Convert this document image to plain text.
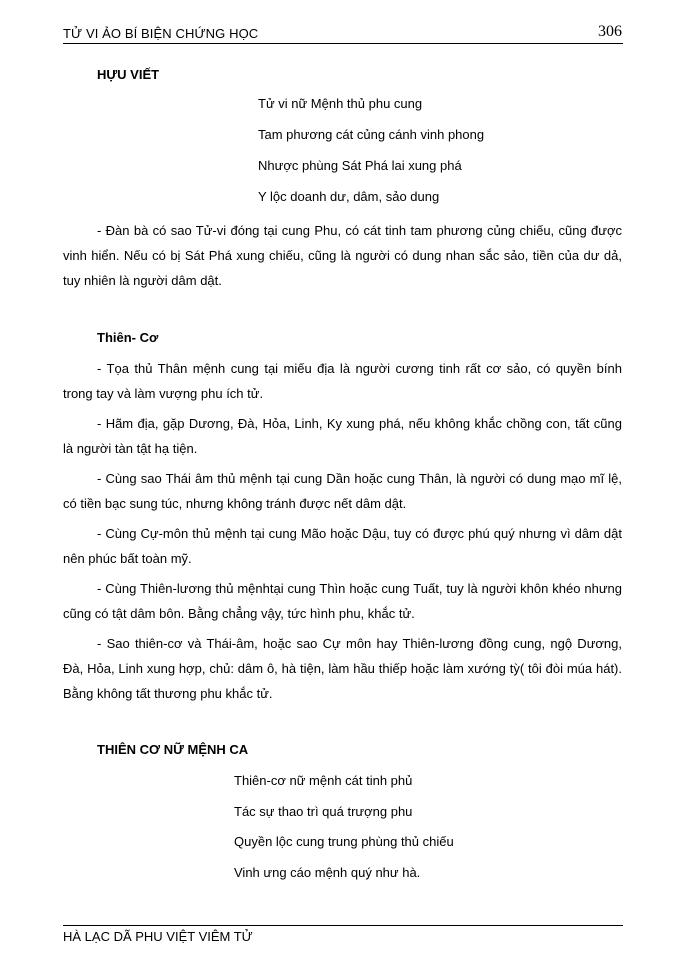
TỬ VI ẢO BÍ BIỆN CHỨNG HỌC	306
HỰU VIẾT
Tử vi nữ Mệnh thủ phu cung
Tam phương cát củng cánh vinh phong
Nhược phùng Sát Phá lai xung phá
Y lộc doanh dư, dâm, sảo dung
- Đàn bà có sao Tử-vi đóng tại cung Phu, có cát tinh tam phương củng chiếu, cũng được vinh hiển. Nếu có bị Sát Phá xung chiếu, cũng là người có dung nhan sắc sảo, tiền của dư dả, tuy nhiên là người dâm dật.
Thiên- Cơ
- Tọa thủ Thân mệnh cung tại miếu địa là người cương tinh rất cơ sảo, có quyền bính trong tay và làm vượng phu ích tử.
- Hãm địa, gặp Dương, Đà, Hỏa, Linh, Ky xung phá, nếu không khắc chồng con, tất cũng là người tàn tật hạ tiện.
- Cùng sao Thái âm thủ mệnh tại cung Dần hoặc cung Thân, là người có dung mạo mĩ lệ, có tiền bạc sung túc, nhưng không tránh được nết dâm dật.
- Cùng Cự-môn thủ mệnh tại cung Mão hoặc Dậu, tuy có được phú quý nhưng vì dâm dật nên phúc bất toàn mỹ.
- Cùng Thiên-lương thủ mệnhtại cung Thìn hoặc cung Tuất, tuy là người khôn khéo nhưng cũng có tật dâm bôn. Bằng chẳng vậy, tức hình phu, khắc tử.
- Sao thiên-cơ và Thái-âm, hoặc sao Cự môn hay Thiên-lương đồng cung, ngộ Dương, Đà, Hỏa, Linh xung hợp, chủ: dâm ô, hà tiện, làm hầu thiếp hoặc làm xướng tỳ( tôi đòi múa hát). Bằng không tất thương phu khắc tử.
THIÊN CƠ NỮ MỆNH CA
Thiên-cơ nữ mệnh cát tinh phủ
Tác sự thao trì quá trượng phu
Quyền lộc cung trung phùng thủ chiếu
Vinh ưng cáo mệnh quý như hà.
HÀ LẠC DÃ PHU VIỆT VIÊM TỬ
